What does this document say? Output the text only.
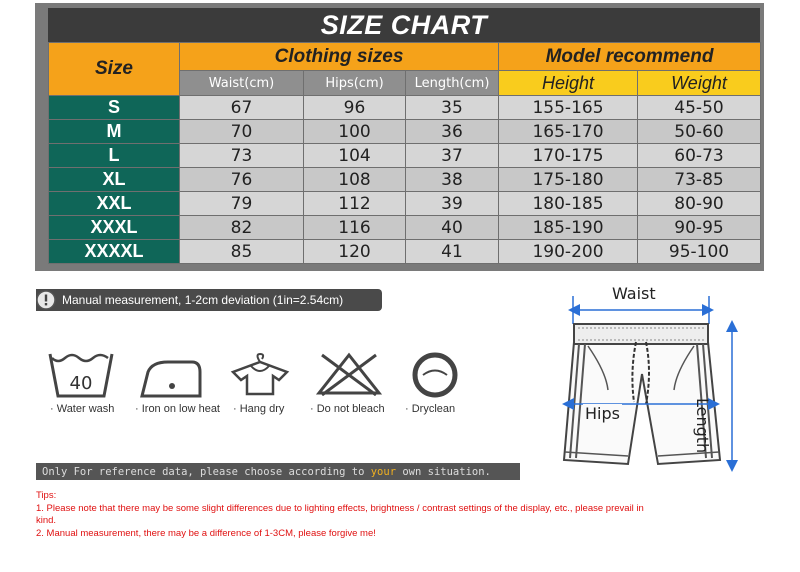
SIZE CHART
Size	Clothing sizes			Model recommend	
	Waist(cm)	Hips(cm)	Length(cm)	Height	Weight
S	67	96	35	155-165	45-50
M	70	100	36	165-170	50-60
L	73	104	37	170-175	60-73
XL	76	108	38	175-180	73-85
XXL	79	112	39	180-185	80-90
XXXL	82	116	40	185-190	90-95
XXXXL	85	120	41	190-200	95-100
Manual measurement, 1-2cm deviation (1in=2.54cm)
40
· Water wash · Iron on low heat · Hang dry · Do not bleach · Dryclean
Only For reference data, please choose according to your own situation.
Tips:
1. Please note that there may be some slight differences due to lighting effects, brightness / contrast settings of the display, etc., please prevail in kind.
2. Manual measurement, there may be a difference of 1-3CM, please forgive me!
Waist
Hips	Length
